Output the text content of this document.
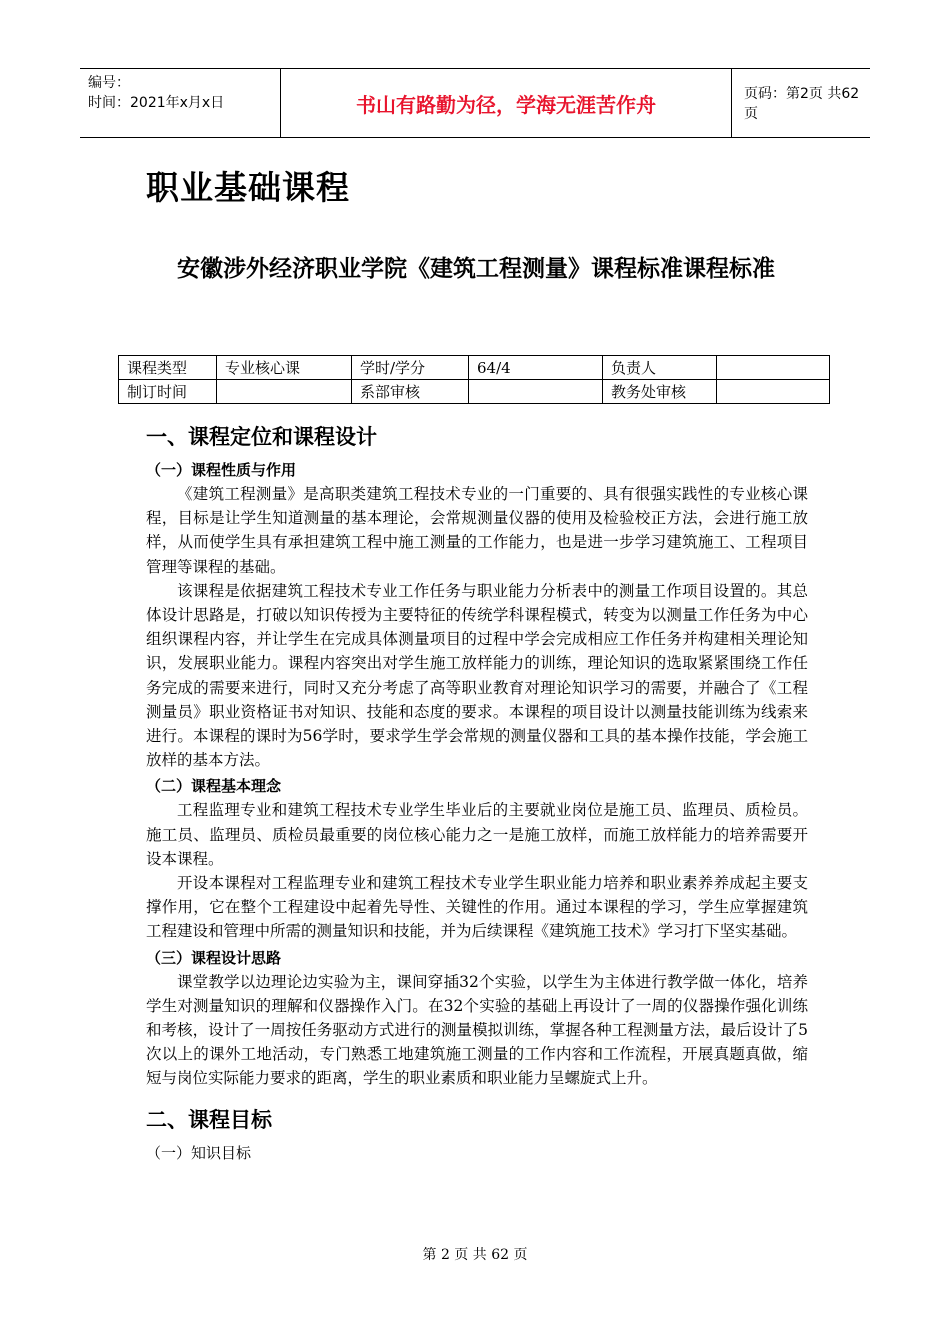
编号：
时间：2021年x月x日	书山有路勤为径，学海无涯苦作舟	页码：第2页 共62页
职业基础课程
安徽涉外经济职业学院《建筑工程测量》课程标准课程标准
课程类型	专业核心课	学时/学分	64/4	负责人	
制订时间		系部审核		教务处审核	
一、课程定位和课程设计
（一）课程性质与作用

《建筑工程测量》是高职类建筑工程技术专业的一门重要的、具有很强实践性的专业核心课程，目标是让学生知道测量的基本理论，会常规测量仪器的使用及检验校正方法，会进行施工放样，从而使学生具有承担建筑工程中施工测量的工作能力，也是进一步学习建筑施工、工程项目管理等课程的基础。

该课程是依据建筑工程技术专业工作任务与职业能力分析表中的测量工作项目设置的。其总体设计思路是，打破以知识传授为主要特征的传统学科课程模式，转变为以测量工作任务为中心组织课程内容，并让学生在完成具体测量项目的过程中学会完成相应工作任务并构建相关理论知识，发展职业能力。课程内容突出对学生施工放样能力的训练，理论知识的选取紧紧围绕工作任务完成的需要来进行，同时又充分考虑了高等职业教育对理论知识学习的需要，并融合了《工程测量员》职业资格证书对知识、技能和态度的要求。本课程的项目设计以测量技能训练为线索来进行。本课程的课时为56学时，要求学生学会常规的测量仪器和工具的基本操作技能，学会施工放样的基本方法。

（二）课程基本理念

工程监理专业和建筑工程技术专业学生毕业后的主要就业岗位是施工员、监理员、质检员。施工员、监理员、质检员最重要的岗位核心能力之一是施工放样，而施工放样能力的培养需要开设本课程。

开设本课程对工程监理专业和建筑工程技术专业学生职业能力培养和职业素养养成起主要支撑作用，它在整个工程建设中起着先导性、关键性的作用。通过本课程的学习，学生应掌握建筑工程建设和管理中所需的测量知识和技能，并为后续课程《建筑施工技术》学习打下坚实基础。

（三）课程设计思路

课堂教学以边理论边实验为主，课间穿插32个实验，以学生为主体进行教学做一体化，培养学生对测量知识的理解和仪器操作入门。在32个实验的基础上再设计了一周的仪器操作强化训练和考核，设计了一周按任务驱动方式进行的测量模拟训练，掌握各种工程测量方法，最后设计了5次以上的课外工地活动，专门熟悉工地建筑施工测量的工作内容和工作流程，开展真题真做，缩短与岗位实际能力要求的距离，学生的职业素质和职业能力呈螺旋式上升。

二、课程目标
（一）知识目标
第 2 页 共 62 页
